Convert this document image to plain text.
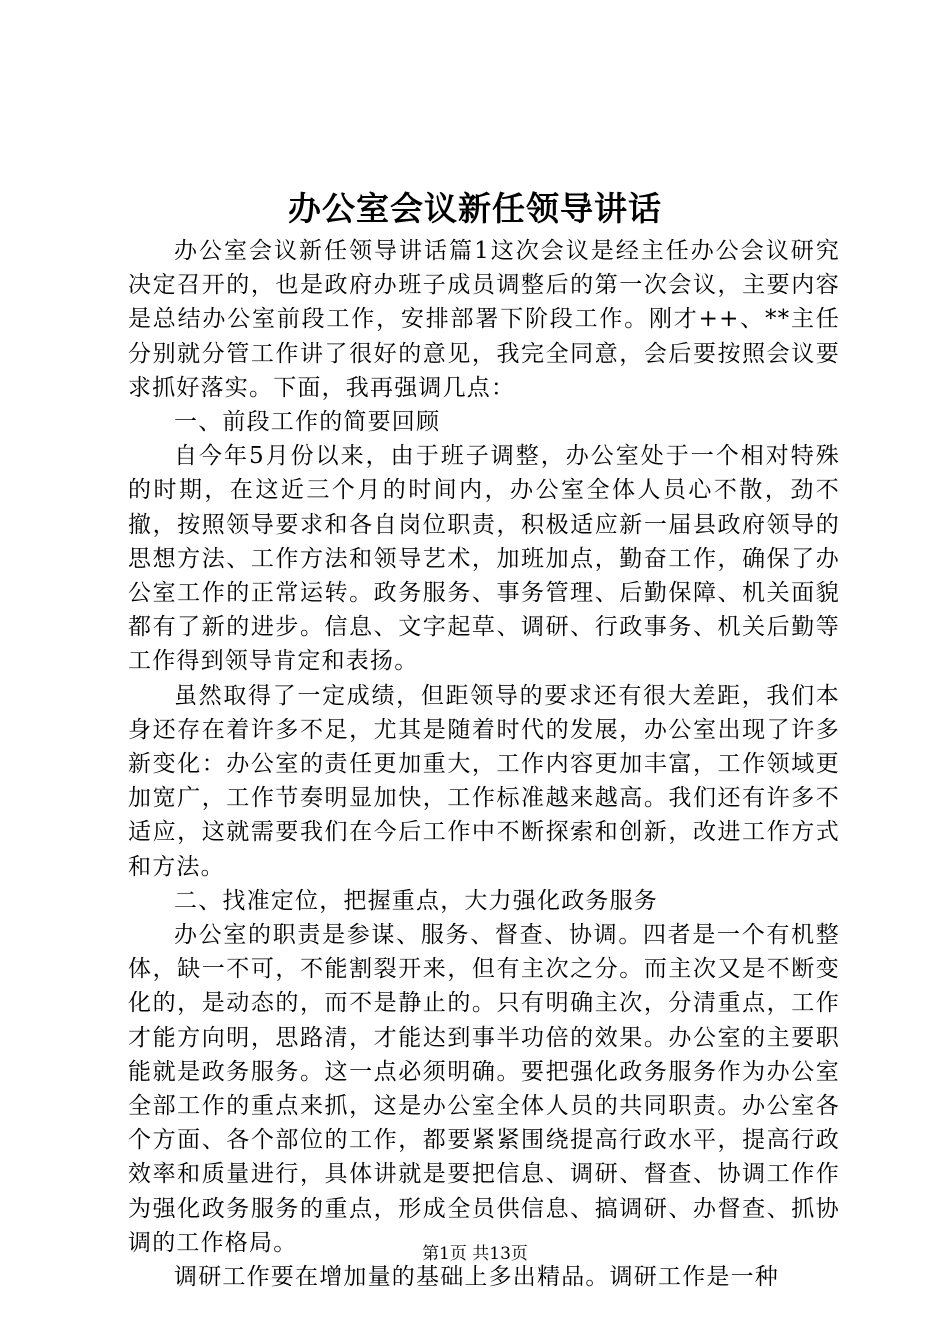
办公室会议新任领导讲话

办公室会议新任领导讲话篇1这次会议是经主任办公会议研究决定召开的，也是政府办班子成员调整后的第一次会议，主要内容是总结办公室前段工作，安排部署下阶段工作。刚才++、**主任分别就分管工作讲了很好的意见，我完全同意，会后要按照会议要求抓好落实。下面，我再强调几点：

一、前段工作的简要回顾

自今年5月份以来，由于班子调整，办公室处于一个相对特殊的时期，在这近三个月的时间内，办公室全体人员心不散，劲不撤，按照领导要求和各自岗位职责，积极适应新一届县政府领导的思想方法、工作方法和领导艺术，加班加点，勤奋工作，确保了办公室工作的正常运转。政务服务、事务管理、后勤保障、机关面貌都有了新的进步。信息、文字起草、调研、行政事务、机关后勤等工作得到领导肯定和表扬。

虽然取得了一定成绩，但距领导的要求还有很大差距，我们本身还存在着许多不足，尤其是随着时代的发展，办公室出现了许多新变化：办公室的责任更加重大，工作内容更加丰富，工作领域更加宽广，工作节奏明显加快，工作标准越来越高。我们还有许多不适应，这就需要我们在今后工作中不断探索和创新，改进工作方式和方法。

二、找准定位，把握重点，大力强化政务服务

办公室的职责是参谋、服务、督查、协调。四者是一个有机整体，缺一不可，不能割裂开来，但有主次之分。而主次又是不断变化的，是动态的，而不是静止的。只有明确主次，分清重点，工作才能方向明，思路清，才能达到事半功倍的效果。办公室的主要职能就是政务服务。这一点必须明确。要把强化政务服务作为办公室全部工作的重点来抓，这是办公室全体人员的共同职责。办公室各个方面、各个部位的工作，都要紧紧围绕提高行政水平，提高行政效率和质量进行，具体讲就是要把信息、调研、督查、协调工作作为强化政务服务的重点，形成全员供信息、搞调研、办督查、抓协调的工作格局。

调研工作要在增加量的基础上多出精品。调研工作是一种

第1页 共13页
